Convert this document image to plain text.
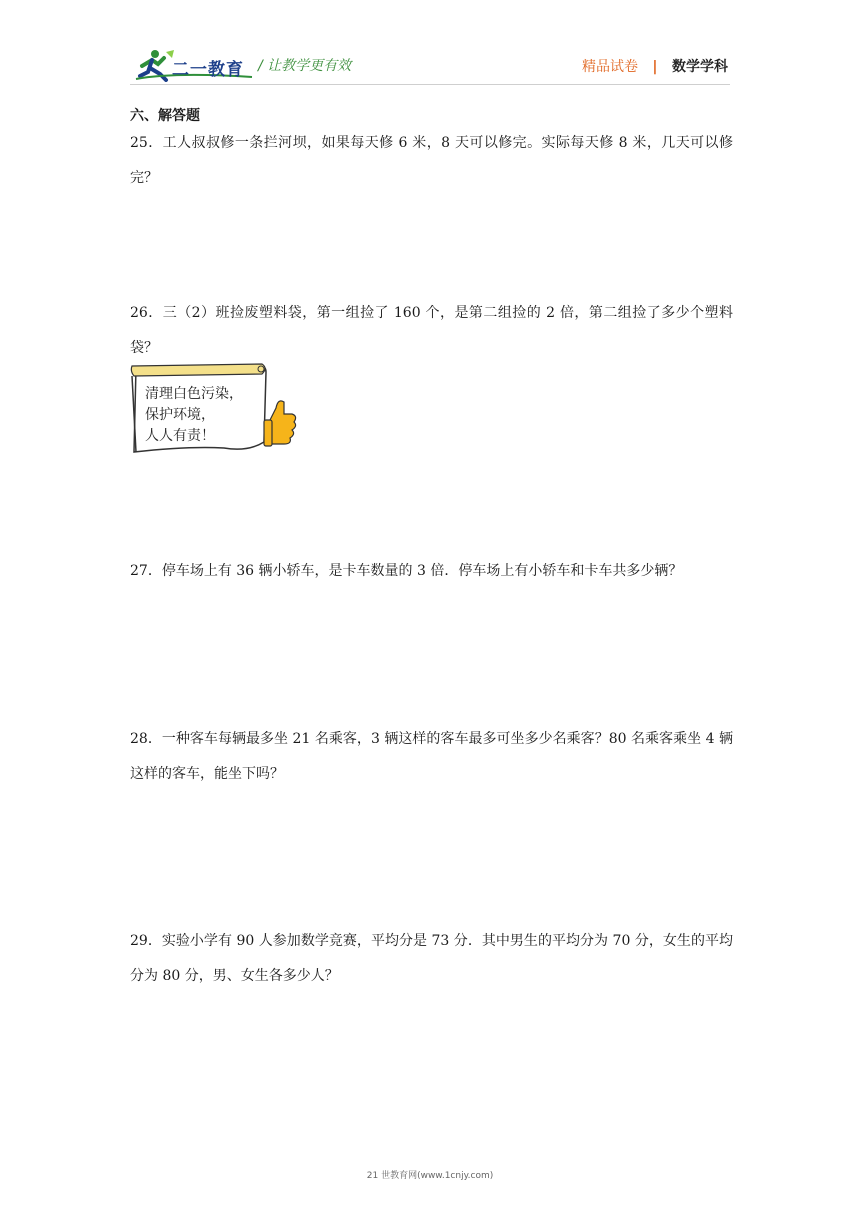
二一教育 / 让教学更有效	精品试卷 | 数学学科
六、解答题
25．工人叔叔修一条拦河坝，如果每天修 6 米，8 天可以修完。实际每天修 8 米，几天可以修完？
26．三（2）班捡废塑料袋，第一组捡了 160 个，是第二组捡的 2 倍，第二组捡了多少个塑料袋？
清理白色污染，
保护环境，
人人有责！
27．停车场上有 36 辆小轿车，是卡车数量的 3 倍．停车场上有小轿车和卡车共多少辆？
28．一种客车每辆最多坐 21 名乘客，3 辆这样的客车最多可坐多少名乘客？80 名乘客乘坐 4 辆这样的客车，能坐下吗？
29．实验小学有 90 人参加数学竞赛，平均分是 73 分．其中男生的平均分为 70 分，女生的平均分为 80 分，男、女生各多少人？
21 世教育网(www.1cnjy.com)
